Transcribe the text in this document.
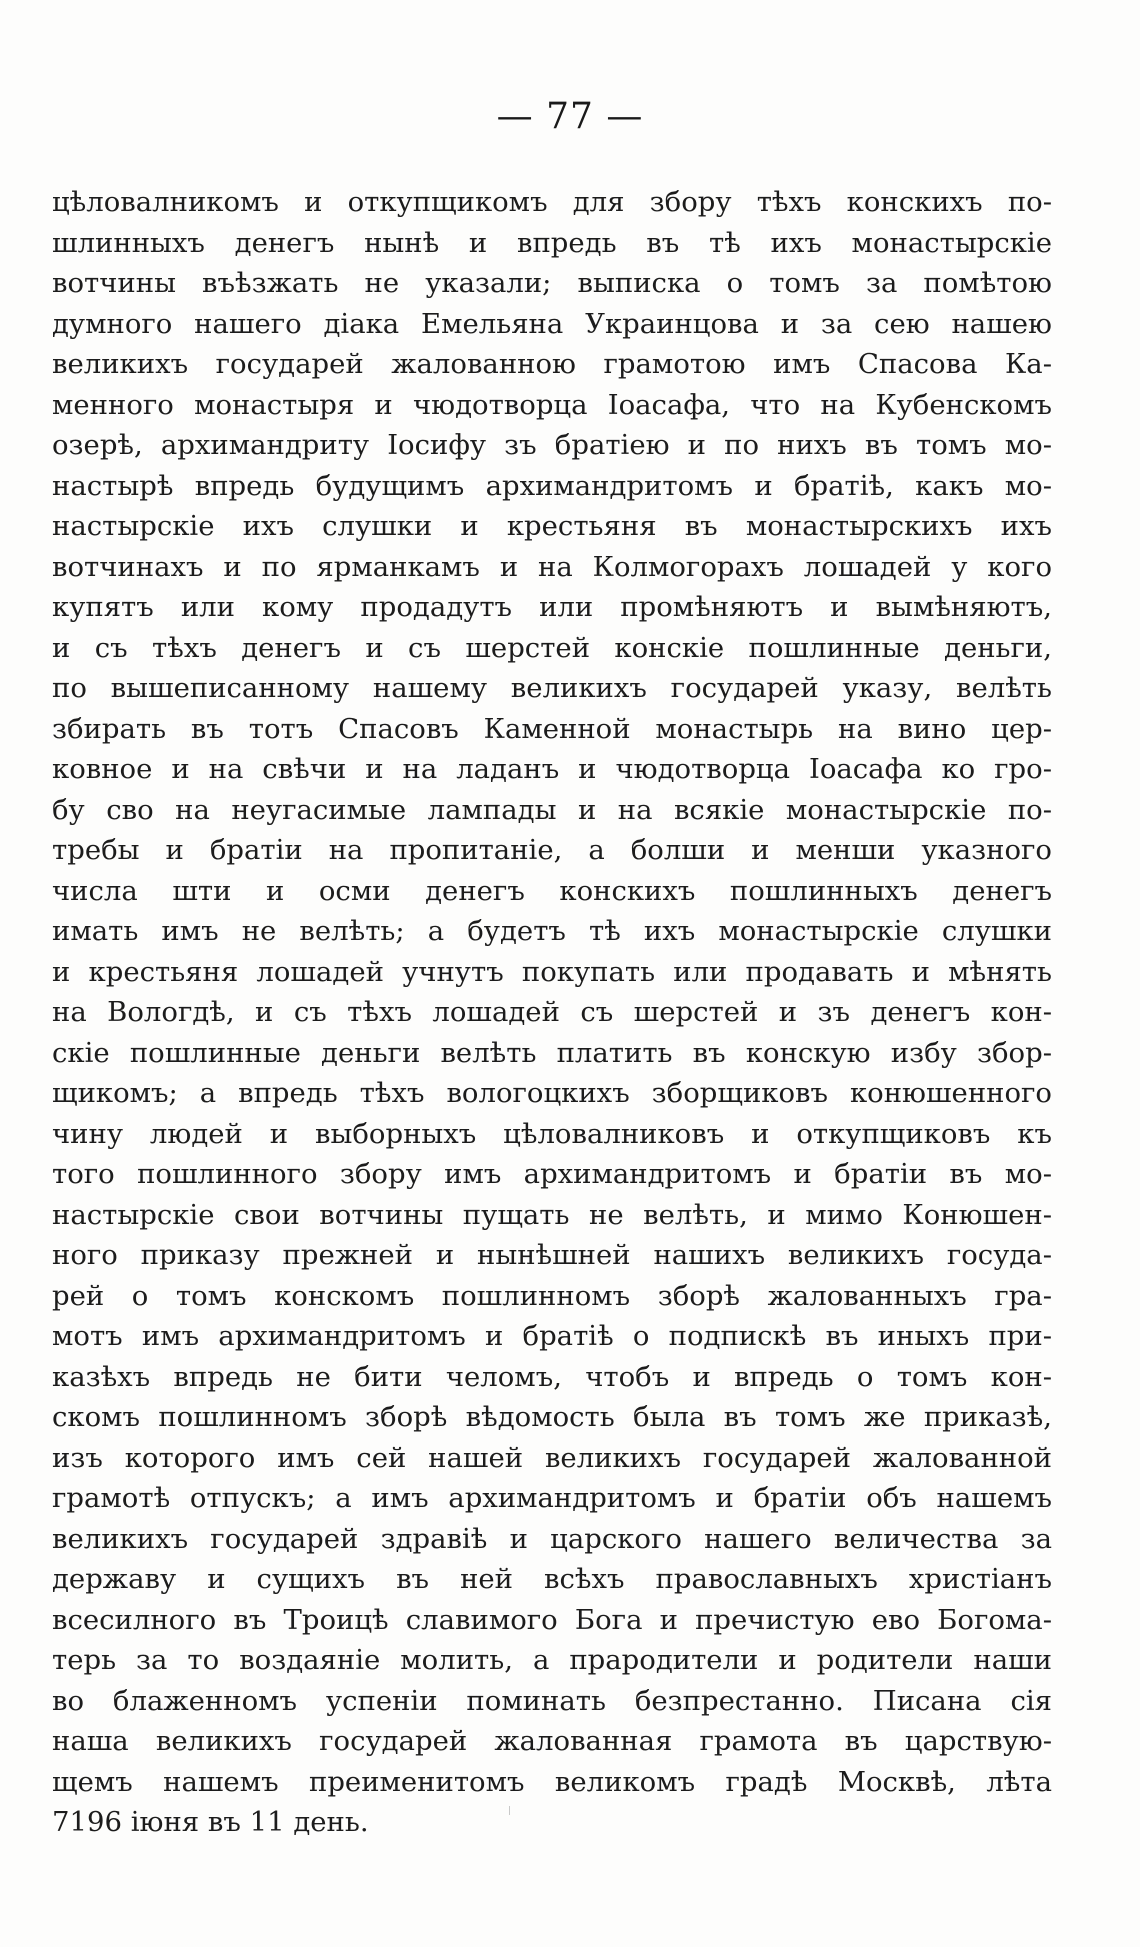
— 77 —
цѣловалникомъ и откупщикомъ для збору тѣхъ конскихъ по-
шлинныхъ денегъ нынѣ и впредь въ тѣ ихъ монастырскіе
вотчины въѣзжать не указали; выписка о томъ за помѣтою
думного нашего діака Емельяна Украинцова и за сею нашею
великихъ государей жалованною грамотою имъ Спасова Ка-
менного монастыря и чюдотворца Іоасафа, что на Кубенскомъ
озерѣ, архимандриту Іосифу зъ братіею и по нихъ въ томъ мо-
настырѣ впредь будущимъ архимандритомъ и братіѣ, какъ мо-
настырскіе ихъ слушки и крестьяня въ монастырскихъ ихъ
вотчинахъ и по ярманкамъ и на Колмогорахъ лошадей у кого
купятъ или кому продадутъ или промѣняютъ и вымѣняютъ,
и съ тѣхъ денегъ и съ шерстей конскіе пошлинные деньги,
по вышеписанному нашему великихъ государей указу, велѣть
збирать въ тотъ Спасовъ Каменной монастырь на вино цер-
ковное и на свѣчи и на ладанъ и чюдотворца Іоасафа ко гро-
бу сво на неугасимые лампады и на всякіе монастырскіе по-
требы и братіи на пропитаніе, а болши и менши указного
числа шти и осми денегъ конскихъ пошлинныхъ денегъ
имать имъ не велѣть; а будетъ тѣ ихъ монастырскіе слушки
и крестьяня лошадей учнутъ покупать или продавать и мѣнять
на Вологдѣ, и съ тѣхъ лошадей съ шерстей и зъ денегъ кон-
скіе пошлинные деньги велѣть платить въ конскую избу збор-
щикомъ; а впредь тѣхъ вологоцкихъ зборщиковъ конюшенного
чину людей и выборныхъ цѣловалниковъ и откупщиковъ къ
того пошлинного збору имъ архимандритомъ и братіи въ мо-
настырскіе свои вотчины пущать не велѣть, и мимо Конюшен-
ного приказу прежней и нынѣшней нашихъ великихъ госуда-
рей о томъ конскомъ пошлинномъ зборѣ жалованныхъ гра-
мотъ имъ архимандритомъ и братіѣ о подпискѣ въ иныхъ при-
казѣхъ впредь не бити челомъ, чтобъ и впредь о томъ кон-
скомъ пошлинномъ зборѣ вѣдомость была въ томъ же приказѣ,
изъ которого имъ сей нашей великихъ государей жалованной
грамотѣ отпускъ; а имъ архимандритомъ и братіи объ нашемъ
великихъ государей здравіѣ и царского нашего величества за
державу и сущихъ въ ней всѣхъ православныхъ христіанъ
всесилного въ Троицѣ славимого Бога и пречистую ево Богома-
терь за то воздаяніе молить, а прародители и родители наши
во блаженномъ успеніи поминать безпрестанно. Писана сія
наша великихъ государей жалованная грамота въ царствую-
щемъ нашемъ преименитомъ великомъ градѣ Москвѣ, лѣта
7196 іюня въ 11 день.
